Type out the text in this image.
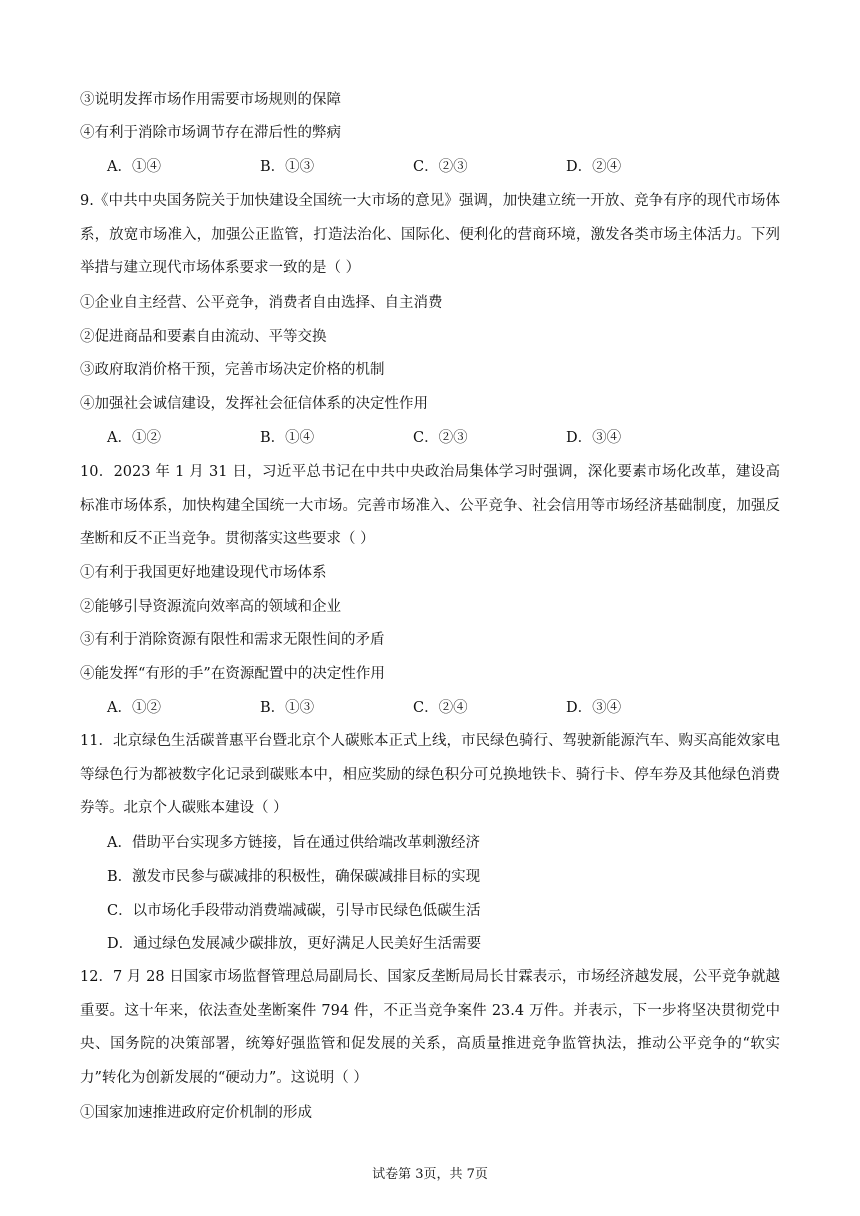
③说明发挥市场作用需要市场规则的保障
④有利于消除市场调节存在滞后性的弊病
A．①④	B．①③	C．②③	D．②④
9.《中共中央国务院关于加快建设全国统一大市场的意见》强调，加快建立统一开放、竞争有序的现代市场体系，放宽市场准入，加强公正监管，打造法治化、国际化、便利化的营商环境，激发各类市场主体活力。下列举措与建立现代市场体系要求一致的是（ ）
①企业自主经营、公平竞争，消费者自由选择、自主消费
②促进商品和要素自由流动、平等交换
③政府取消价格干预，完善市场决定价格的机制
④加强社会诚信建设，发挥社会征信体系的决定性作用
A．①②	B．①④	C．②③	D．③④
10．2023 年 1 月 31 日，习近平总书记在中共中央政治局集体学习时强调，深化要素市场化改革，建设高标准市场体系，加快构建全国统一大市场。完善市场准入、公平竞争、社会信用等市场经济基础制度，加强反垄断和反不正当竞争。贯彻落实这些要求（ ）
①有利于我国更好地建设现代市场体系
②能够引导资源流向效率高的领域和企业
③有利于消除资源有限性和需求无限性间的矛盾
④能发挥“有形的手”在资源配置中的决定性作用
A．①②	B．①③	C．②④	D．③④
11．北京绿色生活碳普惠平台暨北京个人碳账本正式上线，市民绿色骑行、驾驶新能源汽车、购买高能效家电等绿色行为都被数字化记录到碳账本中，相应奖励的绿色积分可兑换地铁卡、骑行卡、停车券及其他绿色消费券等。北京个人碳账本建设（ ）
A．借助平台实现多方链接，旨在通过供给端改革刺激经济
B．激发市民参与碳减排的积极性，确保碳减排目标的实现
C．以市场化手段带动消费端减碳，引导市民绿色低碳生活
D．通过绿色发展减少碳排放，更好满足人民美好生活需要
12．7 月 28 日国家市场监督管理总局副局长、国家反垄断局局长甘霖表示，市场经济越发展，公平竞争就越重要。这十年来，依法查处垄断案件 794 件，不正当竞争案件 23.4 万件。并表示，下一步将坚决贯彻党中央、国务院的决策部署，统筹好强监管和促发展的关系，高质量推进竞争监管执法，推动公平竞争的“软实力”转化为创新发展的“硬动力”。这说明（ ）
①国家加速推进政府定价机制的形成
试卷第 3页，共 7页
